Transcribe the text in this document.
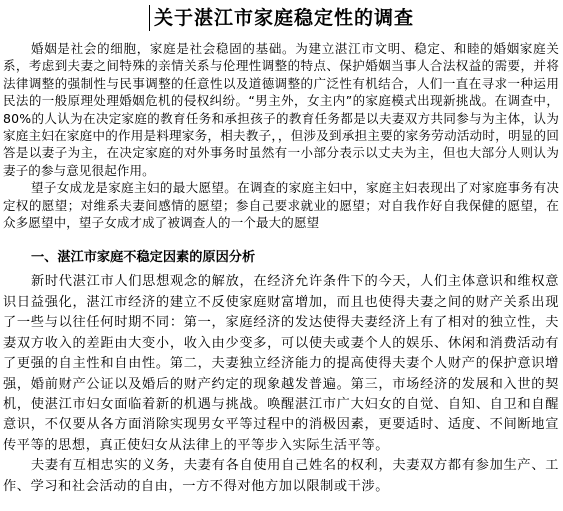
关于湛江市家庭稳定性的调查

婚姻是社会的细胞，家庭是社会稳固的基础。为建立湛江市文明、稳定、和睦的婚姻家庭关系，考虑到夫妻之间特殊的亲情关系与伦理性调整的特点、保护婚姻当事人合法权益的需要，并将法律调整的强制性与民事调整的任意性以及道德调整的广泛性有机结合，人们一直在寻求一种运用民法的一般原理处理婚姻危机的侵权纠纷。“男主外，女主内”的家庭模式出现新挑战。在调查中，80%的人认为在决定家庭的教育任务和承担孩子的教育任务都是以夫妻双方共同参与为主体，认为家庭主妇在家庭中的作用是料理家务，相夫教子，，但涉及到承担主要的家务劳动活动时，明显的回答是以妻子为主，在决定家庭的对外事务时虽然有一小部分表示以丈夫为主，但也大部分人则认为妻子的参与意见很起作用。

望子女成龙是家庭主妇的最大愿望。在调查的家庭主妇中，家庭主妇表现出了对家庭事务有决定权的愿望；对维系夫妻间感情的愿望；参自己要求就业的愿望；对自我作好自我保健的愿望，在众多愿望中，望子女成才成了被调查人的一个最大的愿望

一、湛江市家庭不稳定因素的原因分析

新时代湛江市人们思想观念的解放，在经济允许条件下的今天，人们主体意识和维权意识日益强化，湛江市经济的建立不反使家庭财富增加，而且也使得夫妻之间的财产关系出现了一些与以往任何时期不同：第一，家庭经济的发达使得夫妻经济上有了相对的独立性，夫妻双方收入的差距由大变小，收入由少变多，可以使夫或妻个人的娱乐、休闲和消费活动有了更强的自主性和自由性。第二，夫妻独立经济能力的提高使得夫妻个人财产的保护意识增强，婚前财产公证以及婚后的财产约定的现象越发普遍。第三，市场经济的发展和入世的契机，使湛江市妇女面临着新的机遇与挑战。唤醒湛江市广大妇女的自觉、自知、自卫和自醒意识，不仅要从各方面消除实现男女平等过程中的消极因素，更要适时、适度、不间断地宣传平等的思想，真正使妇女从法律上的平等步入实际生活平等。

夫妻有互相忠实的义务，夫妻有各自使用自己姓名的权利，夫妻双方都有参加生产、工作、学习和社会活动的自由，一方不得对他方加以限制或干涉。
